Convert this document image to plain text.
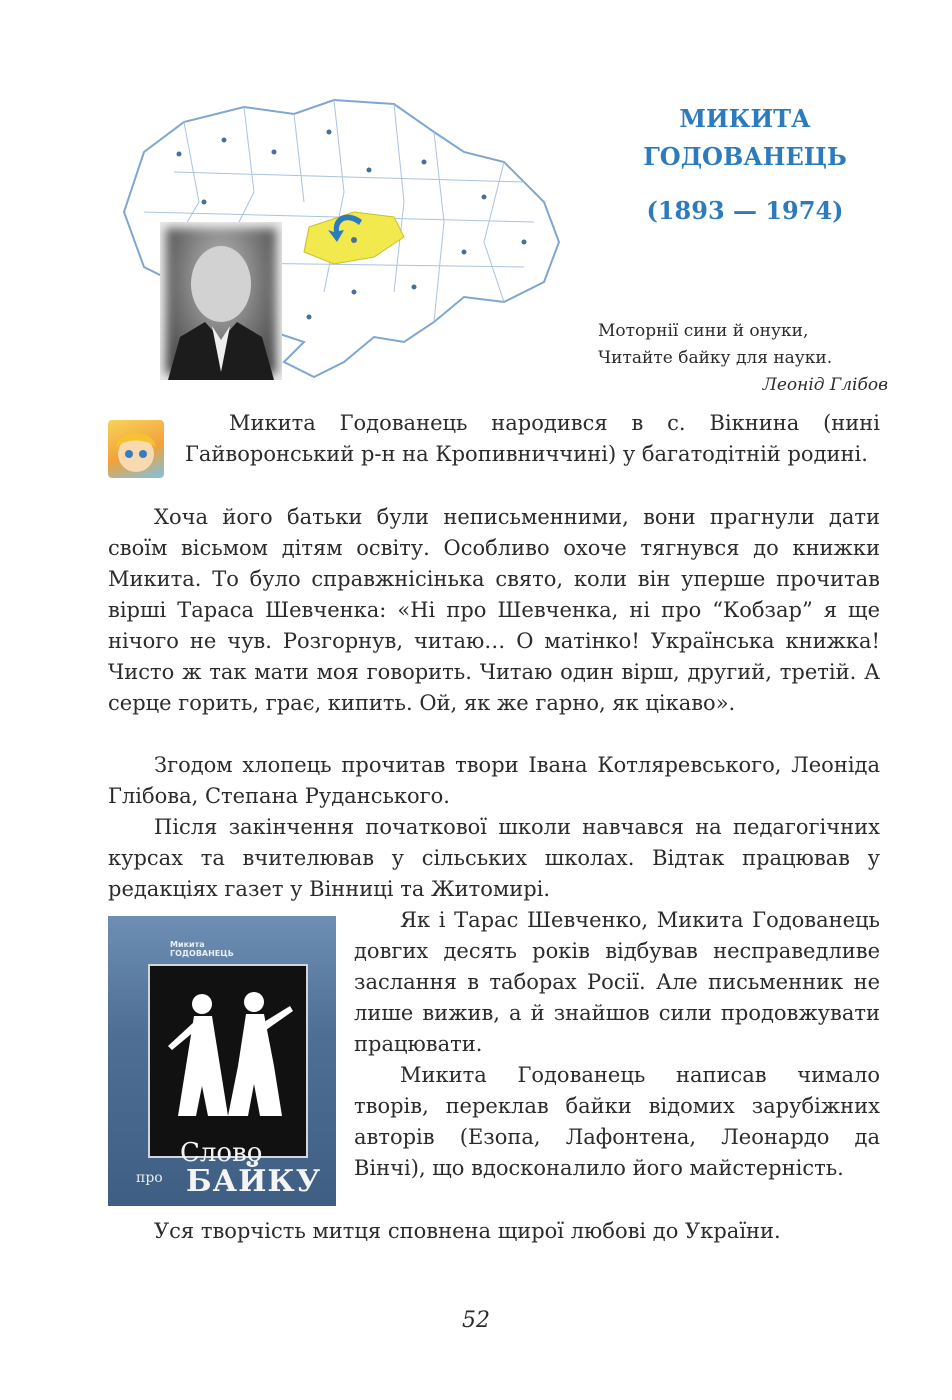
МИКИТА
ГОДОВАНЕЦЬ
(1893 — 1974)
Моторнії сини й онуки,
Читайте байку для науки.
Леонід Глібов

Микита Годованець народився в с. Вікнина (нині Гайворонський р-н на Кропивниччині) у багатодітній родині.

Хоча його батьки були неписьменними, вони прагнули дати своїм вісьмом дітям освіту. Особливо охоче тягнувся до книжки Микита. То було справжнісінька свято, коли він уперше прочитав вірші Тараса Шевченка: «Ні про Шевченка, ні про “Кобзар” я ще нічого не чув. Розгорнув, читаю… О матінко! Українська книжка! Чисто ж так мати моя говорить. Читаю один вірш, другий, третій. А серце горить, грає, кипить. Ой, як же гарно, як цікаво».

Згодом хлопець прочитав твори Івана Котляревського, Леоніда Глібова, Степана Руданського.

Після закінчення початкової школи навчався на педагогічних курсах та вчителював у сільських школах. Відтак працював у редакціях газет у Вінниці та Житомирі.

Микита
ГОДОВАНЕЦЬ
Слово
про БАЙКУ

Як і Тарас Шевченко, Микита Годованець довгих десять років відбував несправедливе заслання в таборах Росії. Але письменник не лише вижив, а й знайшов сили продовжувати працювати.

Микита Годованець написав чимало творів, переклав байки відомих зарубіжних авторів (Езопа, Лафонтена, Леонардо да Вінчі), що вдосконалило його майстерність.

Уся творчість митця сповнена щирої любові до України.

52
